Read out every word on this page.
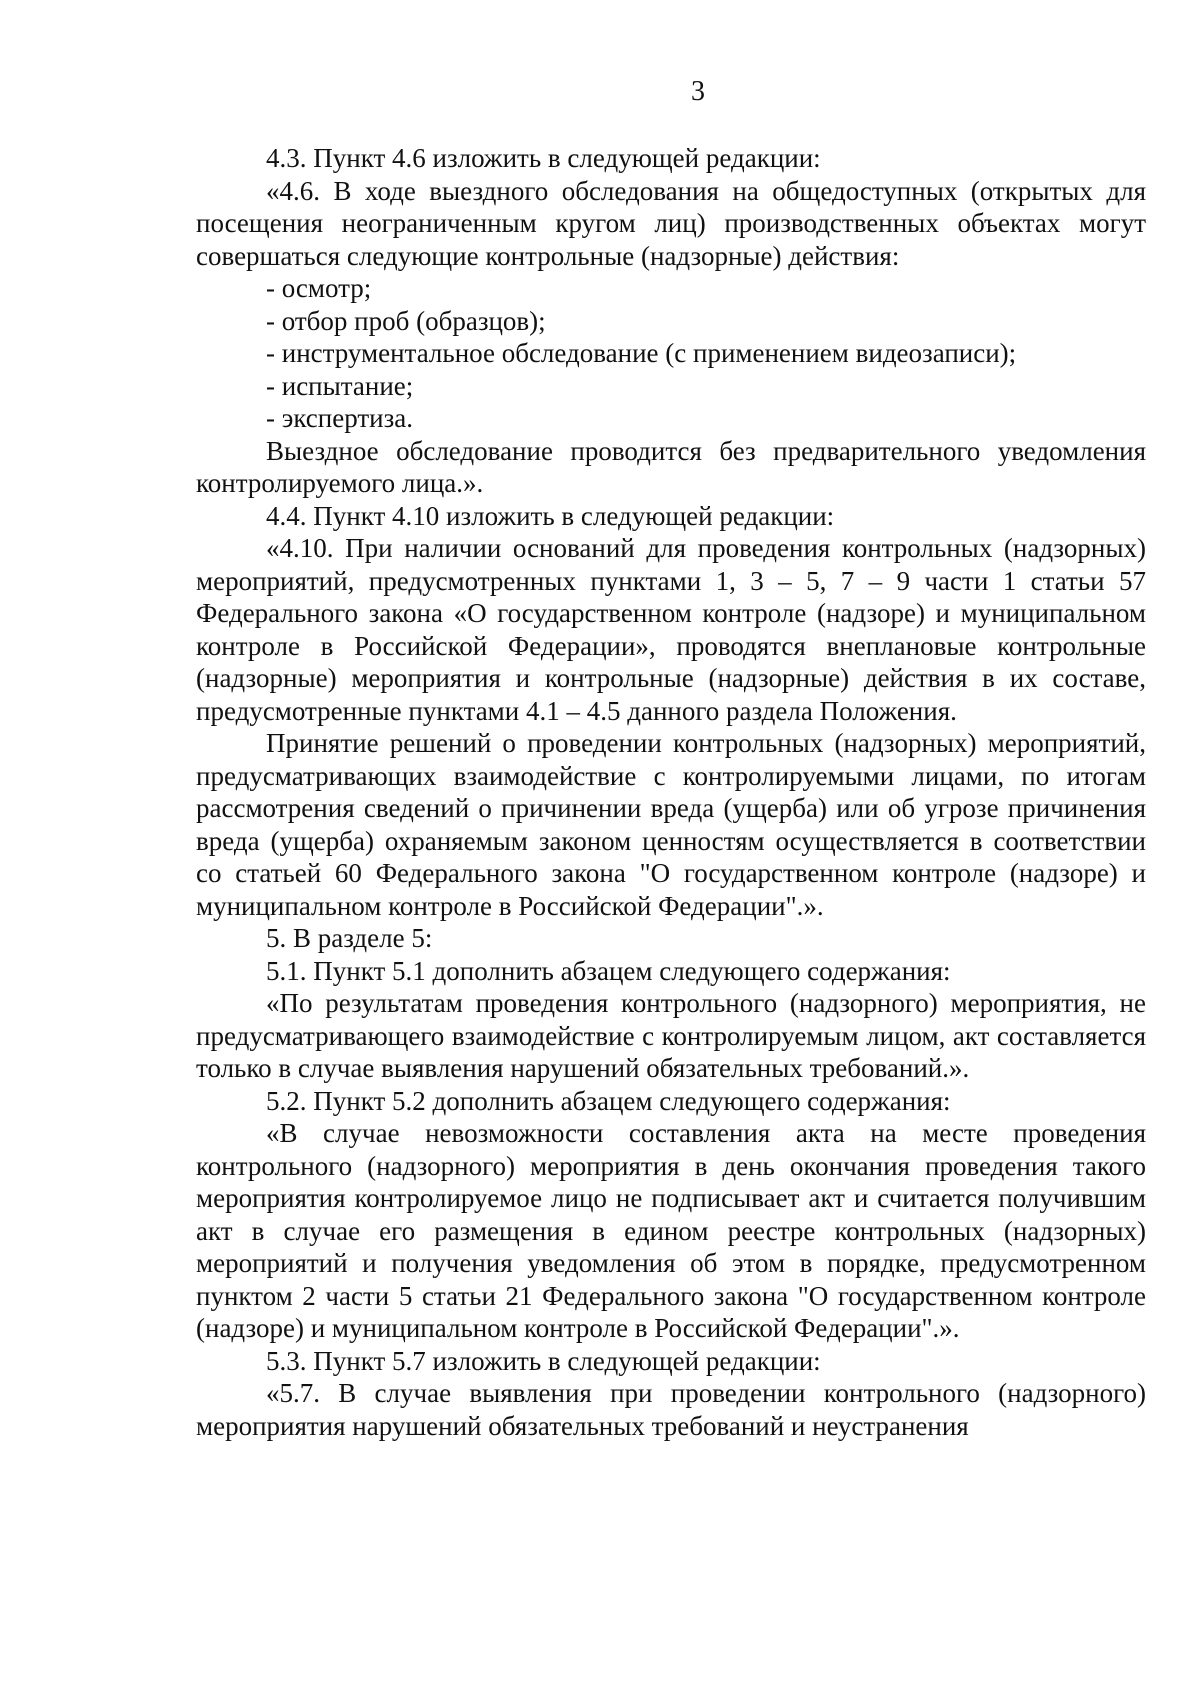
3

4.3. Пункт 4.6 изложить в следующей редакции:

«4.6. В ходе выездного обследования на общедоступных (открытых для посещения неограниченным кругом лиц) производственных объектах могут совершаться следующие контрольные (надзорные) действия:

- осмотр;

- отбор проб (образцов);

- инструментальное обследование (с применением видеозаписи);

- испытание;

- экспертиза.

Выездное обследование проводится без предварительного уведомления контролируемого лица.».

4.4. Пункт 4.10 изложить в следующей редакции:

«4.10. При наличии оснований для проведения контрольных (надзорных) мероприятий, предусмотренных пунктами 1, 3 – 5, 7 – 9 части 1 статьи 57 Федерального закона «О государственном контроле (надзоре) и муниципальном контроле в Российской Федерации», проводятся внеплановые контрольные (надзорные) мероприятия и контрольные (надзорные) действия в их составе, предусмотренные пунктами 4.1 – 4.5 данного раздела Положения.

Принятие решений о проведении контрольных (надзорных) мероприятий, предусматривающих взаимодействие с контролируемыми лицами, по итогам рассмотрения сведений о причинении вреда (ущерба) или об угрозе причинения вреда (ущерба) охраняемым законом ценностям осуществляется в соответствии со статьей 60 Федерального закона "О государственном контроле (надзоре) и муниципальном контроле в Российской Федерации".».

5. В разделе 5:

5.1. Пункт 5.1 дополнить абзацем следующего содержания:

«По результатам проведения контрольного (надзорного) мероприятия, не предусматривающего взаимодействие с контролируемым лицом, акт составляется только в случае выявления нарушений обязательных требований.».

5.2. Пункт 5.2 дополнить абзацем следующего содержания:

«В случае невозможности составления акта на месте проведения контрольного (надзорного) мероприятия в день окончания проведения такого мероприятия контролируемое лицо не подписывает акт и считается получившим акт в случае его размещения в едином реестре контрольных (надзорных) мероприятий и получения уведомления об этом в порядке, предусмотренном пунктом 2 части 5 статьи 21 Федерального закона "О государственном контроле (надзоре) и муниципальном контроле в Российской Федерации".».

5.3. Пункт 5.7 изложить в следующей редакции:

«5.7. В случае выявления при проведении контрольного (надзорного) мероприятия нарушений обязательных требований и неустранения
